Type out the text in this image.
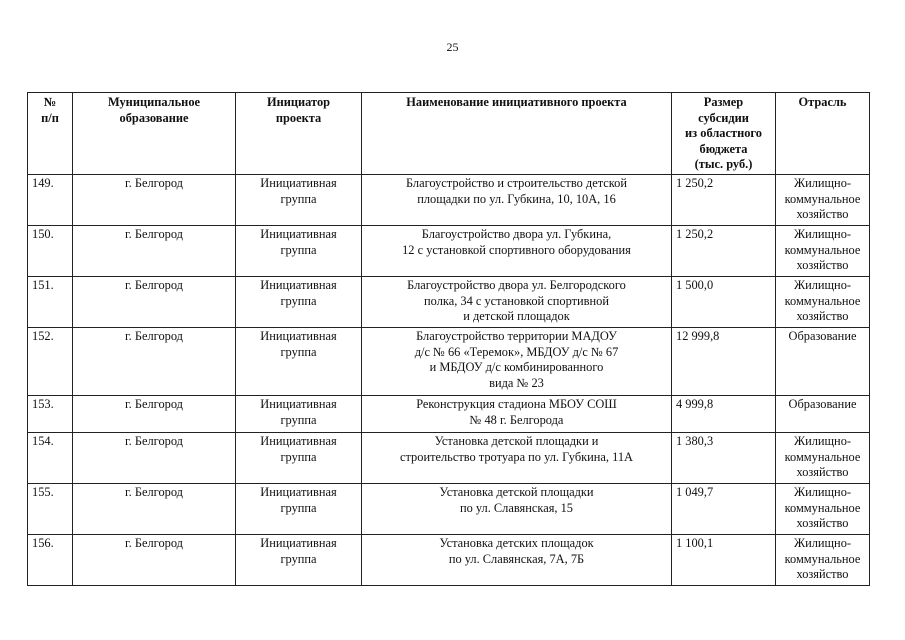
25
№
п/п	Муниципальное
образование	Инициатор
проекта	Наименование инициативного проекта	Размер
субсидии
из областного
бюджета
(тыс. руб.)	Отрасль
149.	г. Белгород	Инициативная
группа	Благоустройство и строительство детской
площадки по ул. Губкина, 10, 10А, 16	1 250,2	Жилищно-
коммунальное
хозяйство
150.	г. Белгород	Инициативная
группа	Благоустройство двора ул. Губкина,
12 с установкой спортивного оборудования	1 250,2	Жилищно-
коммунальное
хозяйство
151.	г. Белгород	Инициативная
группа	Благоустройство двора ул. Белгородского
полка, 34 с установкой спортивной
и детской площадок	1 500,0	Жилищно-
коммунальное
хозяйство
152.	г. Белгород	Инициативная
группа	Благоустройство территории МАДОУ
д/с № 66 «Теремок», МБДОУ д/с № 67
и МБДОУ д/с комбинированного
вида № 23	12 999,8	Образование
153.	г. Белгород	Инициативная
группа	Реконструкция стадиона МБОУ СОШ
№ 48 г. Белгорода	4 999,8	Образование
154.	г. Белгород	Инициативная
группа	Установка детской площадки и
строительство тротуара по ул. Губкина, 11А	1 380,3	Жилищно-
коммунальное
хозяйство
155.	г. Белгород	Инициативная
группа	Установка детской площадки
по ул. Славянская, 15	1 049,7	Жилищно-
коммунальное
хозяйство
156.	г. Белгород	Инициативная
группа	Установка детских площадок
по ул. Славянская, 7А, 7Б	1 100,1	Жилищно-
коммунальное
хозяйство
